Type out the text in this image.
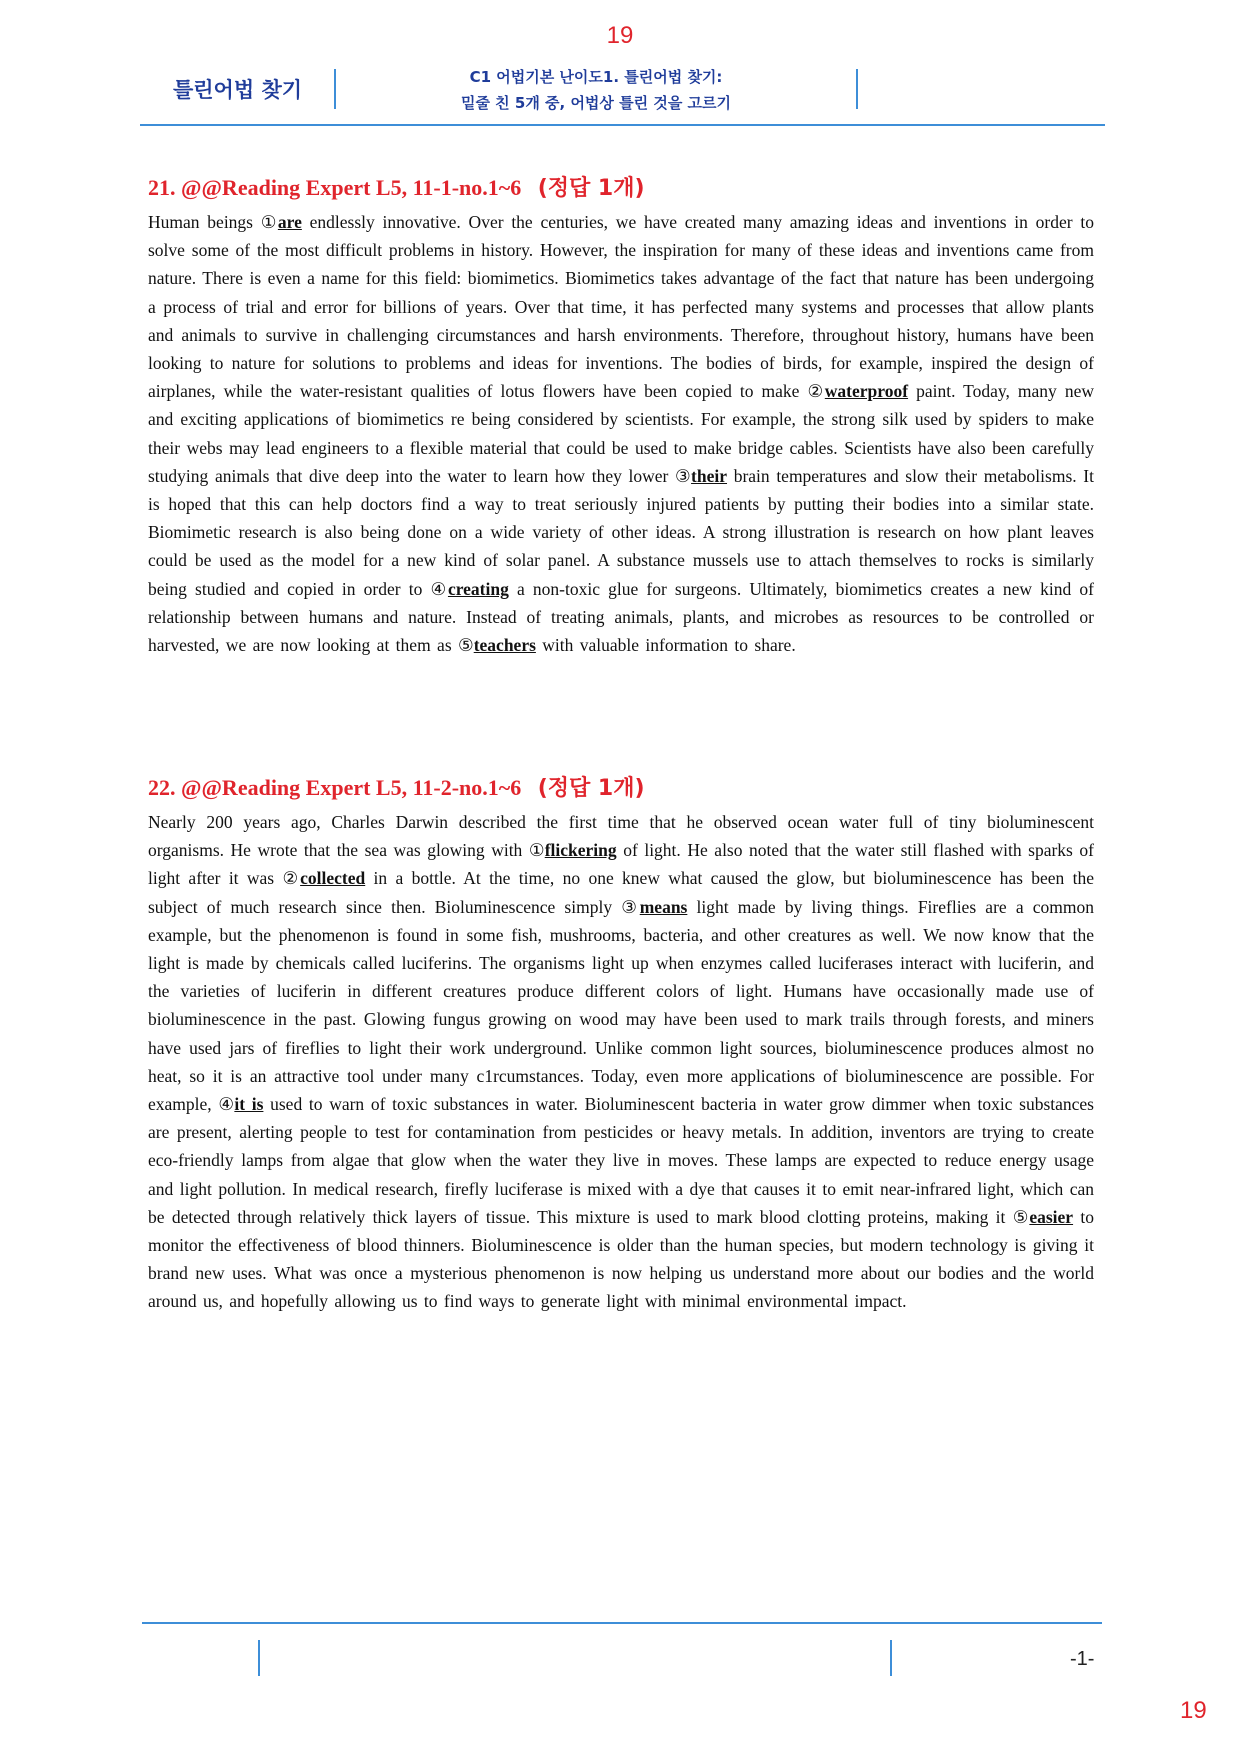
19
틀린어법 찾기
C1 어법기본 난이도1. 틀린어법 찾기:
밑줄 친 5개 중, 어법상 틀린 것을 고르기
21. @@Reading Expert L5, 11-1-no.1~6 (정답 1개)
Human beings ①are endlessly innovative. Over the centuries, we have created many amazing ideas and inventions in order to solve some of the most difficult problems in history. However, the inspiration for many of these ideas and inventions came from nature. There is even a name for this field: biomimetics. Biomimetics takes advantage of the fact that nature has been undergoing a process of trial and error for billions of years. Over that time, it has perfected many systems and processes that allow plants and animals to survive in challenging circumstances and harsh environments. Therefore, throughout history, humans have been looking to nature for solutions to problems and ideas for inventions. The bodies of birds, for example, inspired the design of airplanes, while the water-resistant qualities of lotus flowers have been copied to make ②waterproof paint. Today, many new and exciting applications of biomimetics re being considered by scientists. For example, the strong silk used by spiders to make their webs may lead engineers to a flexible material that could be used to make bridge cables. Scientists have also been carefully studying animals that dive deep into the water to learn how they lower ③their brain temperatures and slow their metabolisms. It is hoped that this can help doctors find a way to treat seriously injured patients by putting their bodies into a similar state. Biomimetic research is also being done on a wide variety of other ideas. A strong illustration is research on how plant leaves could be used as the model for a new kind of solar panel. A substance mussels use to attach themselves to rocks is similarly being studied and copied in order to ④creating a non-toxic glue for surgeons. Ultimately, biomimetics creates a new kind of relationship between humans and nature. Instead of treating animals, plants, and microbes as resources to be controlled or harvested, we are now looking at them as ⑤teachers with valuable information to share.
22. @@Reading Expert L5, 11-2-no.1~6 (정답 1개)
Nearly 200 years ago, Charles Darwin described the first time that he observed ocean water full of tiny bioluminescent organisms. He wrote that the sea was glowing with ①flickering of light. He also noted that the water still flashed with sparks of light after it was ②collected in a bottle. At the time, no one knew what caused the glow, but bioluminescence has been the subject of much research since then. Bioluminescence simply ③means light made by living things. Fireflies are a common example, but the phenomenon is found in some fish, mushrooms, bacteria, and other creatures as well. We now know that the light is made by chemicals called luciferins. The organisms light up when enzymes called luciferases interact with luciferin, and the varieties of luciferin in different creatures produce different colors of light. Humans have occasionally made use of bioluminescence in the past. Glowing fungus growing on wood may have been used to mark trails through forests, and miners have used jars of fireflies to light their work underground. Unlike common light sources, bioluminescence produces almost no heat, so it is an attractive tool under many c1rcumstances. Today, even more applications of bioluminescence are possible. For example, ④it is used to warn of toxic substances in water. Bioluminescent bacteria in water grow dimmer when toxic substances are present, alerting people to test for contamination from pesticides or heavy metals. In addition, inventors are trying to create eco-friendly lamps from algae that glow when the water they live in moves. These lamps are expected to reduce energy usage and light pollution. In medical research, firefly luciferase is mixed with a dye that causes it to emit near-infrared light, which can be detected through relatively thick layers of tissue. This mixture is used to mark blood clotting proteins, making it ⑤easier to monitor the effectiveness of blood thinners. Bioluminescence is older than the human species, but modern technology is giving it brand new uses. What was once a mysterious phenomenon is now helping us understand more about our bodies and the world around us, and hopefully allowing us to find ways to generate light with minimal environmental impact.
-1-
19
